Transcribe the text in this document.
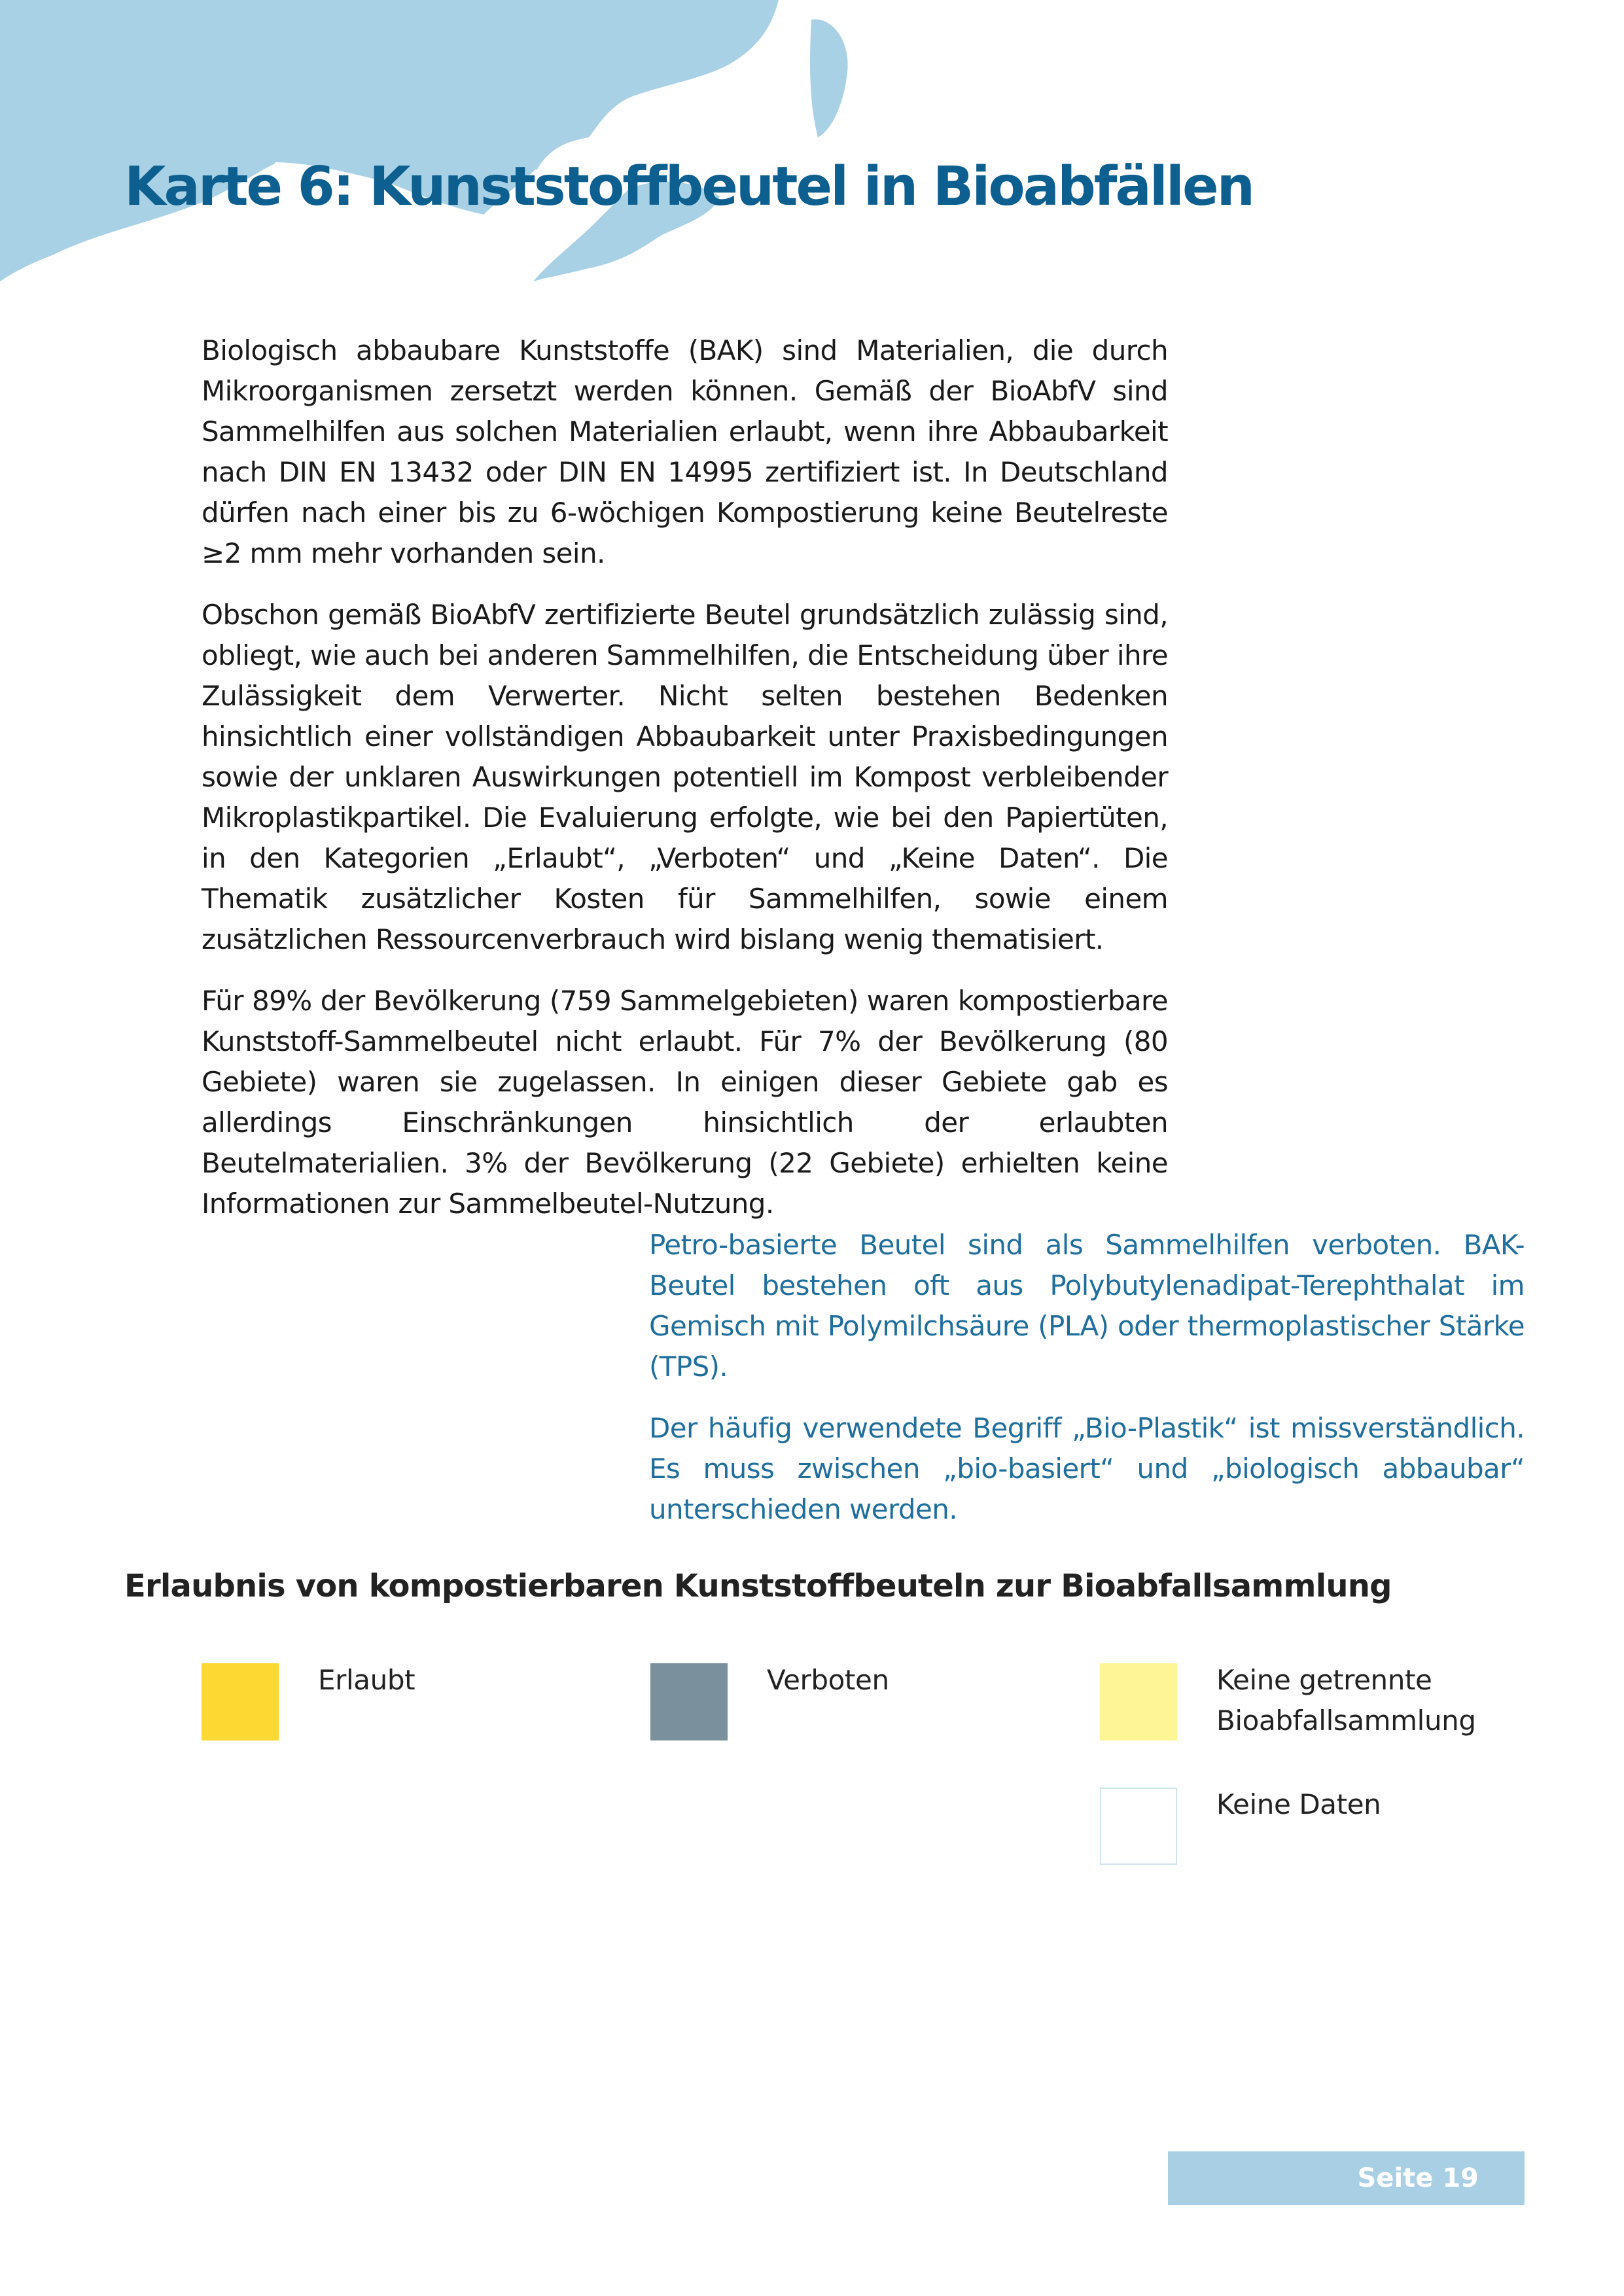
Karte 6: Kunststoffbeutel in Bioabfällen

Biologisch abbaubare Kunststoffe (BAK) sind Materialien, die durch Mikroorganismen zersetzt werden können. Gemäß der BioAbfV sind Sammelhilfen aus solchen Materialien erlaubt, wenn ihre Abbaubarkeit nach DIN EN 13432 oder DIN EN 14995 zertifiziert ist. In Deutschland dürfen nach einer bis zu 6-wöchigen Kompostierung keine Beutelreste ≥2 mm mehr vorhanden sein.

Obschon gemäß BioAbfV zertifizierte Beutel grundsätzlich zulässig sind, obliegt, wie auch bei anderen Sammelhilfen, die Entscheidung über ihre Zulässigkeit dem Verwerter. Nicht selten bestehen Bedenken hinsichtlich einer vollständigen Abbaubarkeit unter Praxisbedingungen sowie der unklaren Auswirkungen potentiell im Kompost verbleibender Mikroplastikpartikel. Die Evaluierung erfolgte, wie bei den Papiertüten, in den Kategorien „Erlaubt“, „Verboten“ und „Keine Daten“. Die Thematik zusätzlicher Kosten für Sammelhilfen, sowie einem zusätzlichen Ressourcenverbrauch wird bislang wenig thematisiert.

Für 89% der Bevölkerung (759 Sammelgebieten) waren kompostierbare Kunststoff-Sammelbeutel nicht erlaubt. Für 7% der Bevölkerung (80 Gebiete) waren sie zugelassen. In einigen dieser Gebiete gab es allerdings Einschränkungen hinsichtlich der erlaubten Beutelmaterialien. 3% der Bevölkerung (22 Gebiete) erhielten keine Informationen zur Sammelbeutel-Nutzung.

Petro-basierte Beutel sind als Sammelhilfen verboten. BAK-Beutel bestehen oft aus Polybutylenadipat-Terephthalat im Gemisch mit Polymilchsäure (PLA) oder thermoplastischer Stärke (TPS).

Der häufig verwendete Begriff „Bio-Plastik“ ist missverständlich. Es muss zwischen „bio-basiert“ und „biologisch abbaubar“ unterschieden werden.

Erlaubnis von kompostierbaren Kunststoffbeuteln zur Bioabfallsammlung
Erlaubt	Verboten	Keine getrennte
Bioabfallsammlung
Keine Daten
Seite 19
